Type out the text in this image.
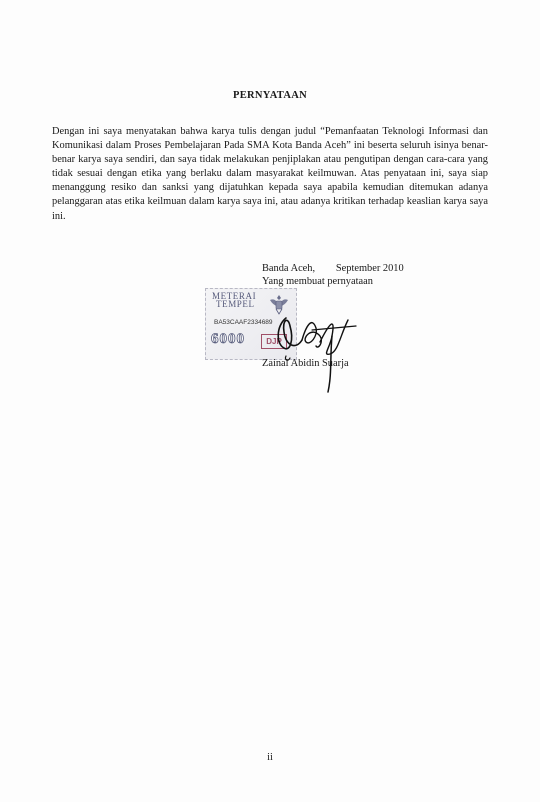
PERNYATAAN
Dengan ini saya menyatakan bahwa karya tulis dengan judul “Pemanfaatan Teknologi Informasi dan Komunikasi dalam Proses Pembelajaran Pada SMA Kota Banda Aceh” ini beserta seluruh isinya benar-benar karya saya sendiri, dan saya tidak melakukan penjiplakan atau pengutipan dengan cara-cara yang tidak sesuai dengan etika yang berlaku dalam masyarakat keilmuwan. Atas penyataan ini, saya siap menanggung resiko dan sanksi yang dijatuhkan kepada saya apabila kemudian ditemukan adanya pelanggaran atas etika keilmuan dalam karya saya ini, atau adanya kritikan terhadap keaslian karya saya ini.
Banda Aceh,        September 2010
Yang membuat pernyataan
METERAI
TEMPEL
BA53CAAF2334689
6000	DJP
Zainal Abidin Suarja
ii
